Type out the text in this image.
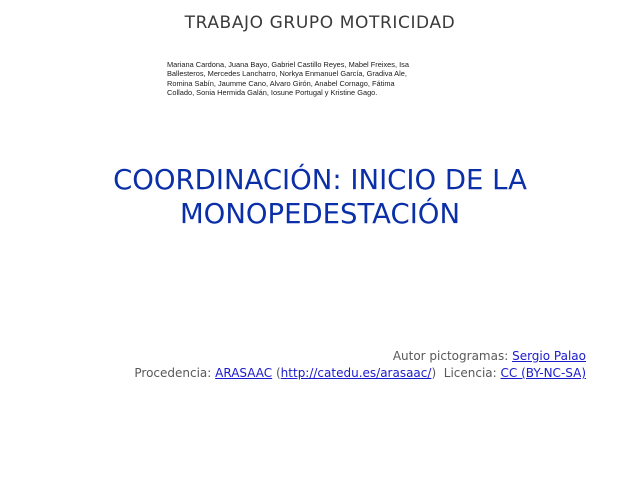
TRABAJO GRUPO MOTRICIDAD
Mariana Cardona, Juana Bayo, Gabriel Castillo Reyes, Mabel Freixes, Isa
Ballesteros, Mercedes Lancharro, Norkya Enmanuel García, Gradiva Ale,
Romina Sabín, Jaumme Cano, Alvaro Girón, Anabel Cornago, Fátima
Collado, Sonia Hermida Galán, Iosune Portugal y Kristine Gago.
COORDINACIÓN: INICIO DE LA
MONOPEDESTACIÓN
Autor pictogramas: Sergio Palao
Procedencia: ARASAAC (http://catedu.es/arasaac/)  Licencia: CC (BY-NC-SA)
